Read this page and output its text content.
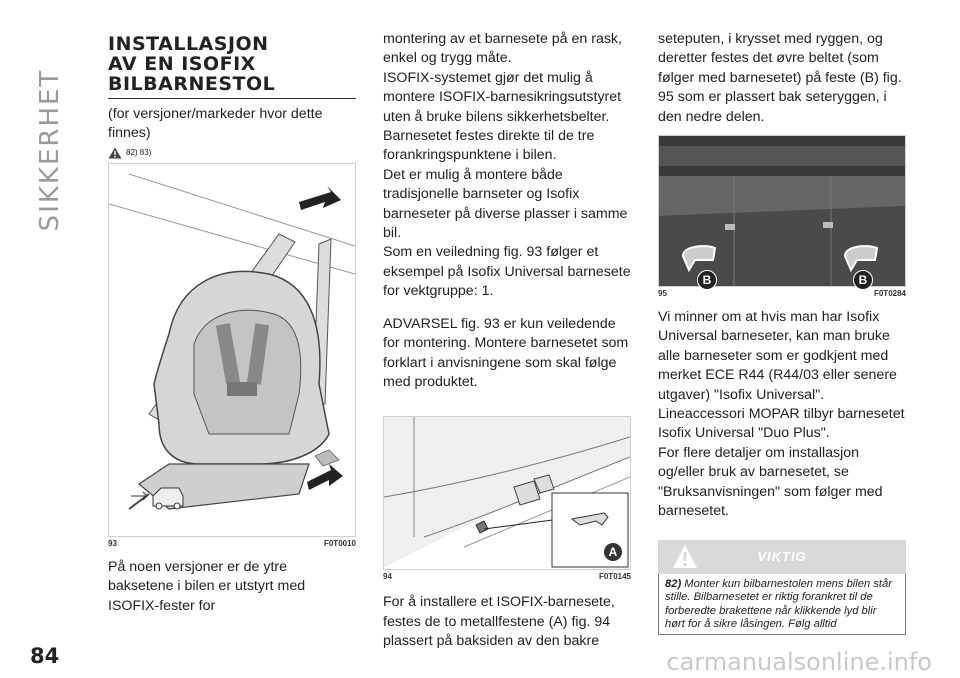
SIKKERHET
INSTALLASJON
AV EN ISOFIX
BILBARNESTOL

(for versjoner/markeder hvor dette finnes)

82) 83)
93	F0T0010

På noen versjoner er de ytre baksetene i bilen er utstyrt med ISOFIX-fester for

montering av et barnesete på en rask, enkel og trygg måte.

ISOFIX-systemet gjør det mulig å montere ISOFIX-barnesikringsutstyret uten å bruke bilens sikkerhetsbelter.

Barnesetet festes direkte til de tre forankringspunktene i bilen.

Det er mulig å montere både tradisjonelle barnseter og Isofix barneseter på diverse plasser i samme bil.

Som en veiledning fig. 93 følger et eksempel på Isofix Universal barnesete for vektgruppe: 1.

ADVARSEL fig. 93 er kun veiledende for montering. Montere barnesetet som forklart i anvisningene som skal følge med produktet.

A
94	F0T0145

For å installere et ISOFIX-barnesete, festes de to metallfestene (A) fig. 94 plassert på baksiden av den bakre

seteputen, i krysset med ryggen, og deretter festes det øvre beltet (som følger med barnesetet) på feste (B) fig. 95 som er plassert bak seteryggen, i den nedre delen.

B	B
95	F0T0284

Vi minner om at hvis man har Isofix Universal barneseter, kan man bruke alle barneseter som er godkjent med merket ECE R44 (R44/03 eller senere utgaver) "Isofix Universal".

Lineaccessori MOPAR tilbyr barnesetet Isofix Universal "Duo Plus".

For flere detaljer om installasjon og/eller bruk av barnesetet, se "Bruksanvisningen" som følger med barnesetet.

VIKTIG

82) Monter kun bilbarnestolen mens bilen står stille. Bilbarnesetet er riktig forankret til de forberedte brakettene når klikkende lyd blir hørt for å sikre låsingen. Følg alltid

84	carmanualsonline.info
